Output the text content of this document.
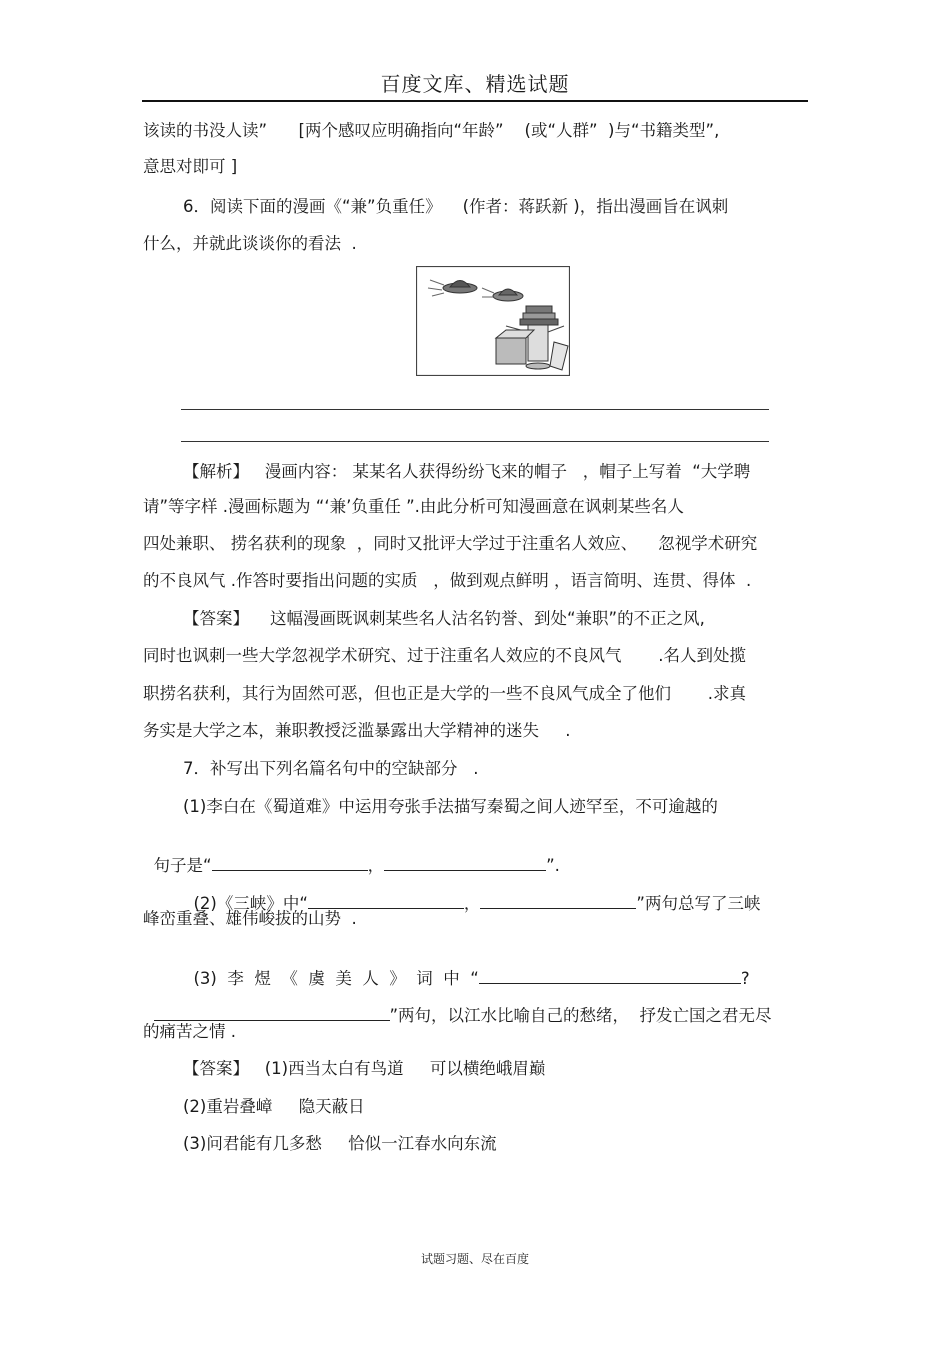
百度文库、精选试题
该读的书没人读”      [两个感叹应明确指向“年龄”    (或“人群”  )与“书籍类型”,
意思对即可 ]
6．阅读下面的漫画《“兼”负重任》    (作者：蒋跃新 )，指出漫画旨在讽刺
什么，并就此谈谈你的看法  .
【解析】   漫画内容： 某某名人获得纷纷飞来的帽子   ，帽子上写着  “大学聘
请”等字样 .漫画标题为 “‘兼’负重任 ”.由此分析可知漫画意在讽刺某些名人
四处兼职、 捞名获利的现象  ，同时又批评大学过于注重名人效应、    忽视学术研究
的不良风气 .作答时要指出问题的实质   ，做到观点鲜明 ，语言简明、连贯、得体  .
【答案】    这幅漫画既讽刺某些名人沽名钓誉、到处“兼职”的不正之风,
同时也讽刺一些大学忽视学术研究、过于注重名人效应的不良风气       .名人到处揽
职捞名获利，其行为固然可恶，但也正是大学的一些不良风气成全了他们       .求真
务实是大学之本，兼职教授泛滥暴露出大学精神的迷失     .
7．补写出下列名篇名句中的空缺部分   .
(1)李白在《蜀道难》中运用夸张手法描写秦蜀之间人迹罕至，不可逾越的

句子是“	，	”.

(2)《三峡》中“	，	”两句总写了三峡

峰峦重叠、雄伟峻拔的山势  .

(3)  李  煜  《  虞  美  人  》  词  中  “	?

”两句，以江水比喻自己的愁绪，  抒发亡国之君无尽

的痛苦之情 .
【答案】   (1)西当太白有鸟道     可以横绝峨眉巅
(2)重岩叠嶂     隐天蔽日
(3)问君能有几多愁     恰似一江春水向东流
试题习题、尽在百度
